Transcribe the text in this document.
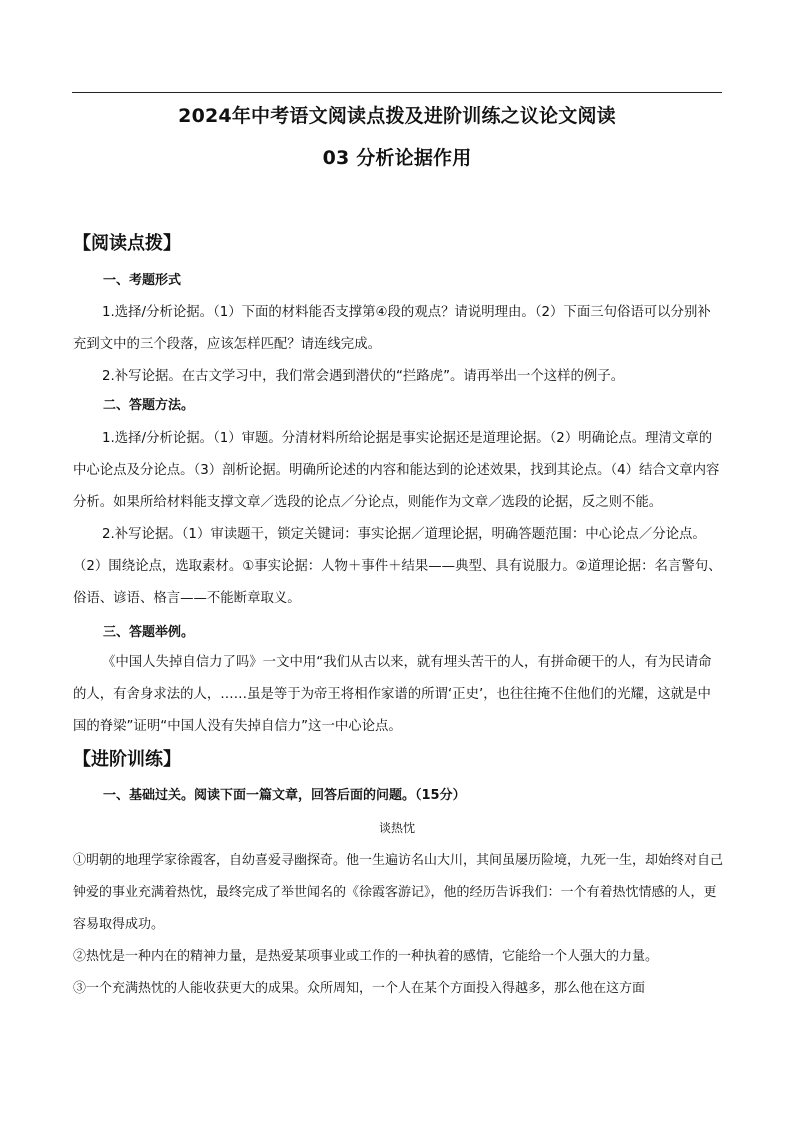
2024年中考语文阅读点拨及进阶训练之议论文阅读
03 分析论据作用
【阅读点拨】
一、考题形式

1.选择/分析论据。（1）下面的材料能否支撑第④段的观点？请说明理由。（2）下面三句俗语可以分别补充到文中的三个段落，应该怎样匹配？请连线完成。

2.补写论据。在古文学习中，我们常会遇到潜伏的“拦路虎”。请再举出一个这样的例子。

二、答题方法。

1.选择/分析论据。（1）审题。分清材料所给论据是事实论据还是道理论据。（2）明确论点。理清文章的中心论点及分论点。（3）剖析论据。明确所论述的内容和能达到的论述效果，找到其论点。（4）结合文章内容分析。如果所给材料能支撑文章／选段的论点／分论点，则能作为文章／选段的论据，反之则不能。

2.补写论据。（1）审读题干，锁定关键词：事实论据／道理论据，明确答题范围：中心论点／分论点。（2）围绕论点，选取素材。①事实论据：人物＋事件＋结果——典型、具有说服力。②道理论据：名言警句、俗语、谚语、格言——不能断章取义。

三、答题举例。

《中国人失掉自信力了吗》一文中用“我们从古以来，就有埋头苦干的人，有拼命硬干的人，有为民请命的人，有舍身求法的人，……虽是等于为帝王将相作家谱的所谓‘正史’，也往往掩不住他们的光耀，这就是中国的脊梁”证明“中国人没有失掉自信力”这一中心论点。

【进阶训练】
一、基础过关。阅读下面一篇文章，回答后面的问题。（15分）
谈热忱

①明朝的地理学家徐霞客，自幼喜爱寻幽探奇。他一生遍访名山大川，其间虽屡历险境，九死一生，却始终对自己钟爱的事业充满着热忱，最终完成了举世闻名的《徐霞客游记》，他的经历告诉我们：一个有着热忱情感的人，更容易取得成功。

②热忱是一种内在的精神力量，是热爱某项事业或工作的一种执着的感情，它能给一个人强大的力量。

③一个充满热忱的人能收获更大的成果。众所周知，一个人在某个方面投入得越多，那么他在这方面
